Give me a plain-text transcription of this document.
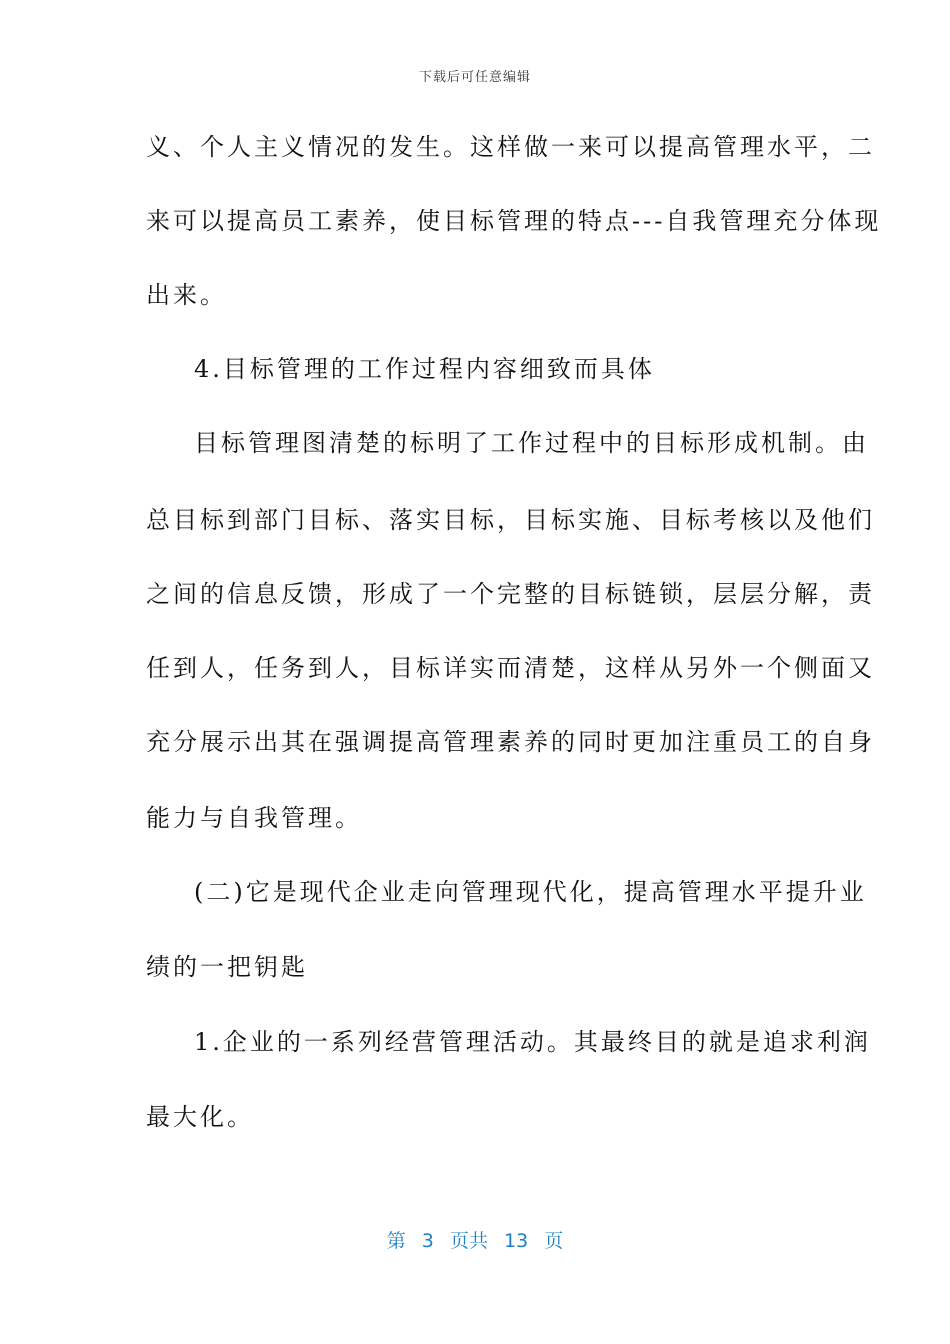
下载后可任意编辑
义、个人主义情况的发生。这样做一来可以提高管理水平，二
来可以提高员工素养，使目标管理的特点---自我管理充分体现
出来。
4.目标管理的工作过程内容细致而具体
目标管理图清楚的标明了工作过程中的目标形成机制。由
总目标到部门目标、落实目标，目标实施、目标考核以及他们
之间的信息反馈，形成了一个完整的目标链锁，层层分解，责
任到人，任务到人，目标详实而清楚，这样从另外一个侧面又
充分展示出其在强调提高管理素养的同时更加注重员工的自身
能力与自我管理。
(二)它是现代企业走向管理现代化，提高管理水平提升业
绩的一把钥匙
1.企业的一系列经营管理活动。其最终目的就是追求利润
最大化。
第 3 页共 13 页
